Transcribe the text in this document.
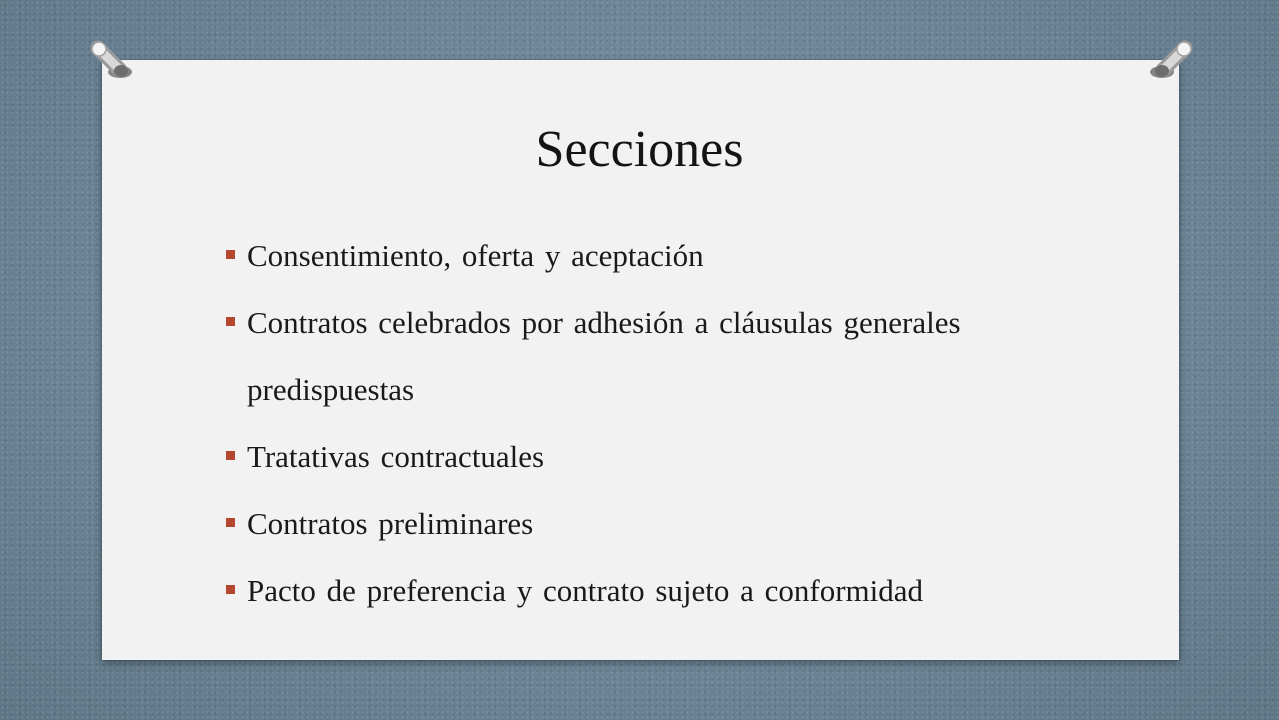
Secciones
Consentimiento, oferta y aceptación
Contratos celebrados por adhesión a cláusulas generales predispuestas
Tratativas contractuales
Contratos preliminares
Pacto de preferencia y contrato sujeto a conformidad
